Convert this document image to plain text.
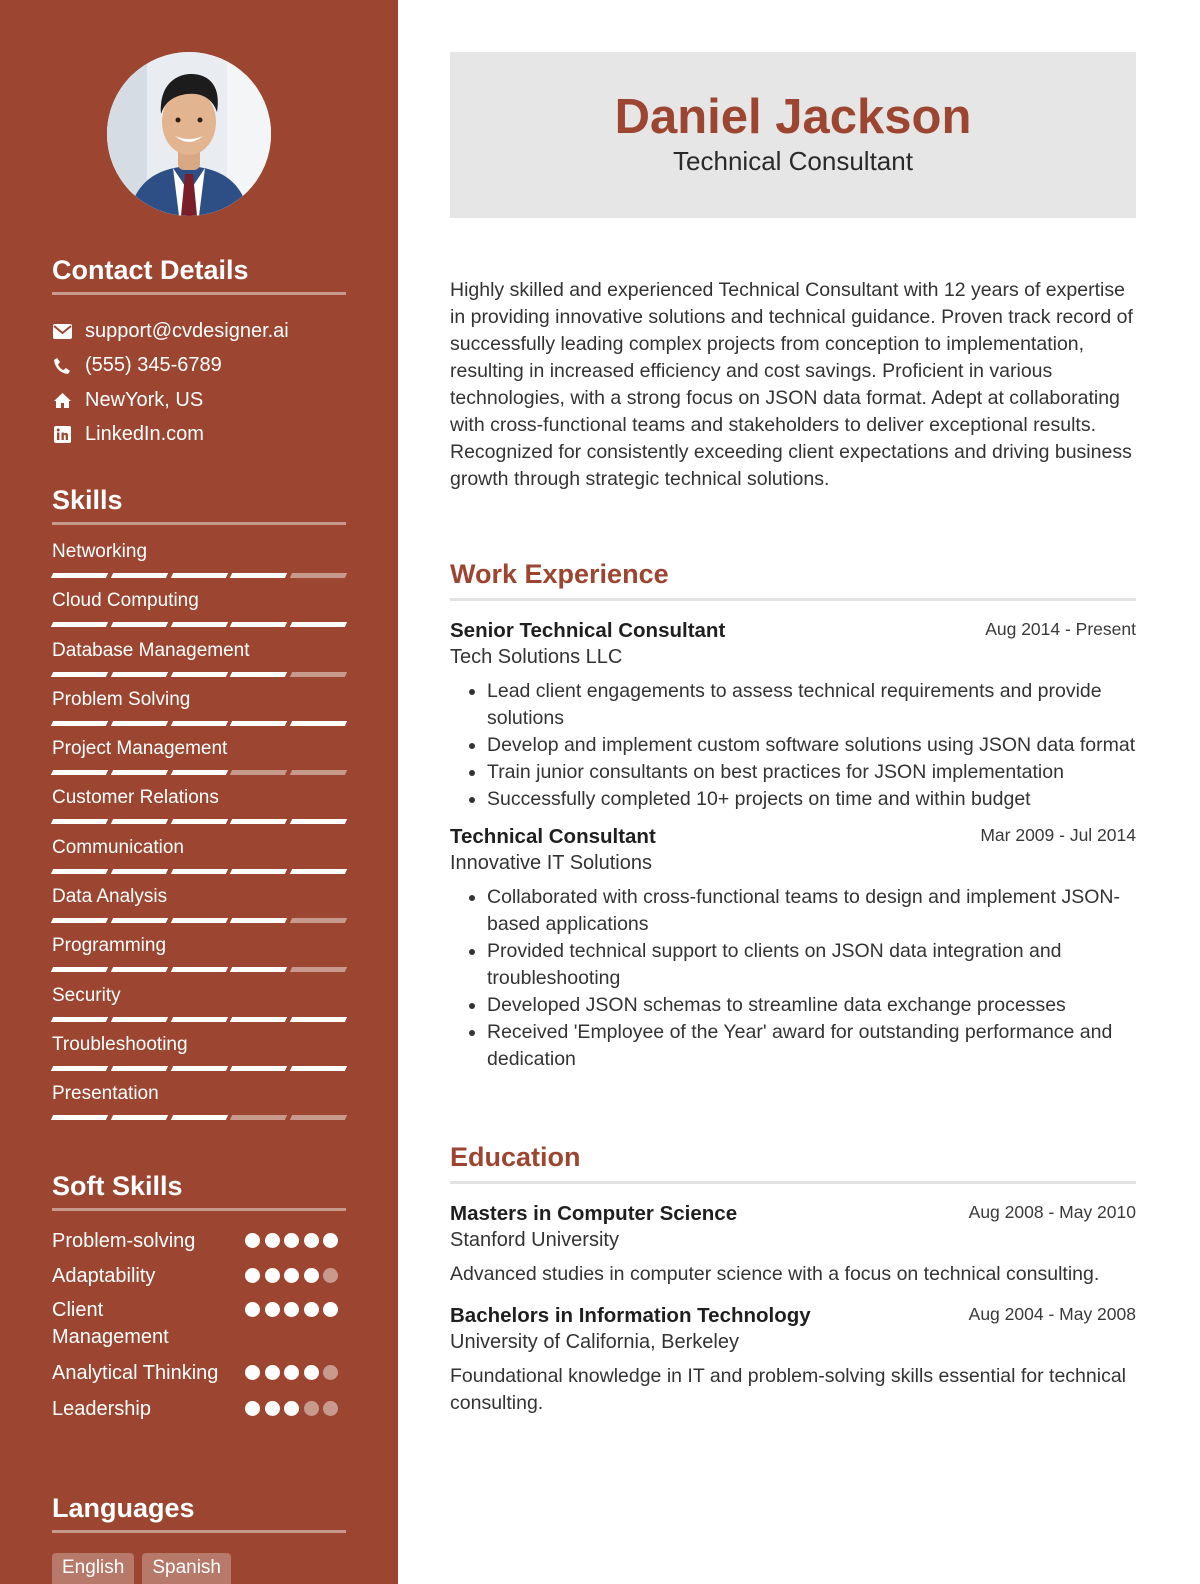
Contact Details
support@cvdesigner.ai
(555) 345-6789
NewYork, US
LinkedIn.com
Skills
Networking
Cloud Computing
Database Management
Problem Solving
Project Management
Customer Relations
Communication
Data Analysis
Programming
Security
Troubleshooting
Presentation
Soft Skills
Problem-solving
Adaptability
Client Management
Analytical Thinking
Leadership
Languages
English	Spanish
Daniel Jackson
Technical Consultant

Highly skilled and experienced Technical Consultant with 12 years of expertise in providing innovative solutions and technical guidance. Proven track record of successfully leading complex projects from conception to implementation, resulting in increased efficiency and cost savings. Proficient in various technologies, with a strong focus on JSON data format. Adept at collaborating with cross-functional teams and stakeholders to deliver exceptional results. Recognized for consistently exceeding client expectations and driving business growth through strategic technical solutions.

Work Experience
Senior Technical Consultant	Aug 2014 - Present
Tech Solutions LLC
• Lead client engagements to assess technical requirements and provide solutions
• Develop and implement custom software solutions using JSON data format
• Train junior consultants on best practices for JSON implementation
• Successfully completed 10+ projects on time and within budget
Technical Consultant	Mar 2009 - Jul 2014
Innovative IT Solutions
• Collaborated with cross-functional teams to design and implement JSON-based applications
• Provided technical support to clients on JSON data integration and troubleshooting
• Developed JSON schemas to streamline data exchange processes
• Received 'Employee of the Year' award for outstanding performance and dedication
Education
Masters in Computer Science	Aug 2008 - May 2010
Stanford University
Advanced studies in computer science with a focus on technical consulting.
Bachelors in Information Technology	Aug 2004 - May 2008
University of California, Berkeley
Foundational knowledge in IT and problem-solving skills essential for technical consulting.
